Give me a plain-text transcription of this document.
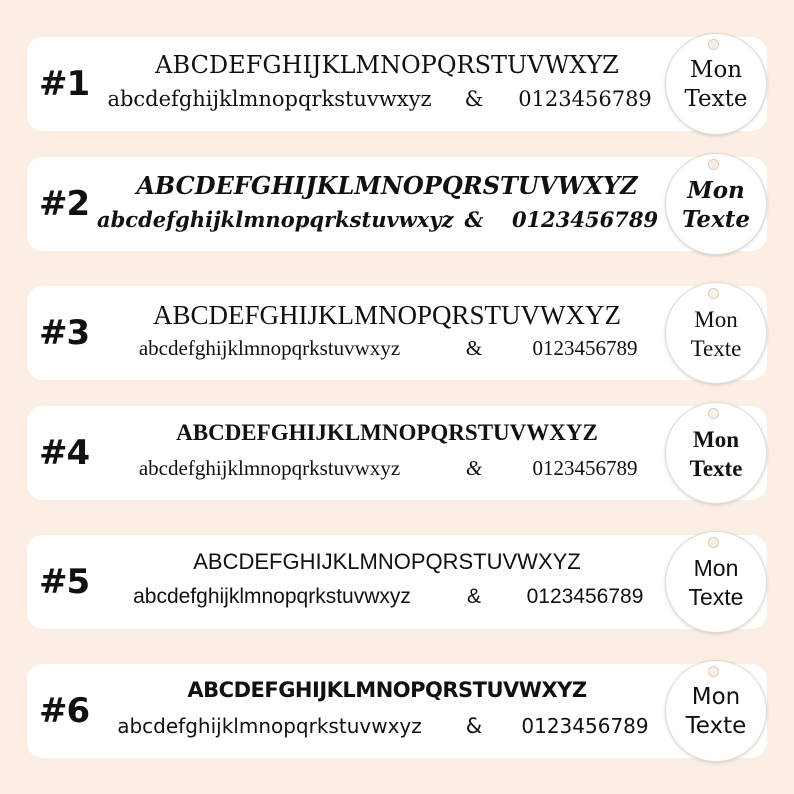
#1	ABCDEFGHIJKLMNOPQRSTUVWXYZ
abcdefghijklmnopqrkstuvwxyz	&	0123456789
Mon
Texte
#2	ABCDEFGHIJKLMNOPQRSTUVWXYZ
abcdefghijklmnopqrkstuvwxyz &	0123456789
Mon
Texte
#3	ABCDEFGHIJKLMNOPQRSTUVWXYZ
abcdefghijklmnopqrkstuvwxyz	&	0123456789
Mon
Texte
#4
ABCDEFGHIJKLMNOPQRSTUVWXYZ
abcdefghijklmnopqrkstuvwxyz	&	0123456789
Mon
Texte
#5
ABCDEFGHIJKLMNOPQRSTUVWXYZ
abcdefghijklmnopqrkstuvwxyz	&	0123456789
Mon
Texte
#6
ABCDEFGHIJKLMNOPQRSTUVWXYZ
abcdefghijklmnopqrkstuvwxyz	&	0123456789
Mon
Texte
